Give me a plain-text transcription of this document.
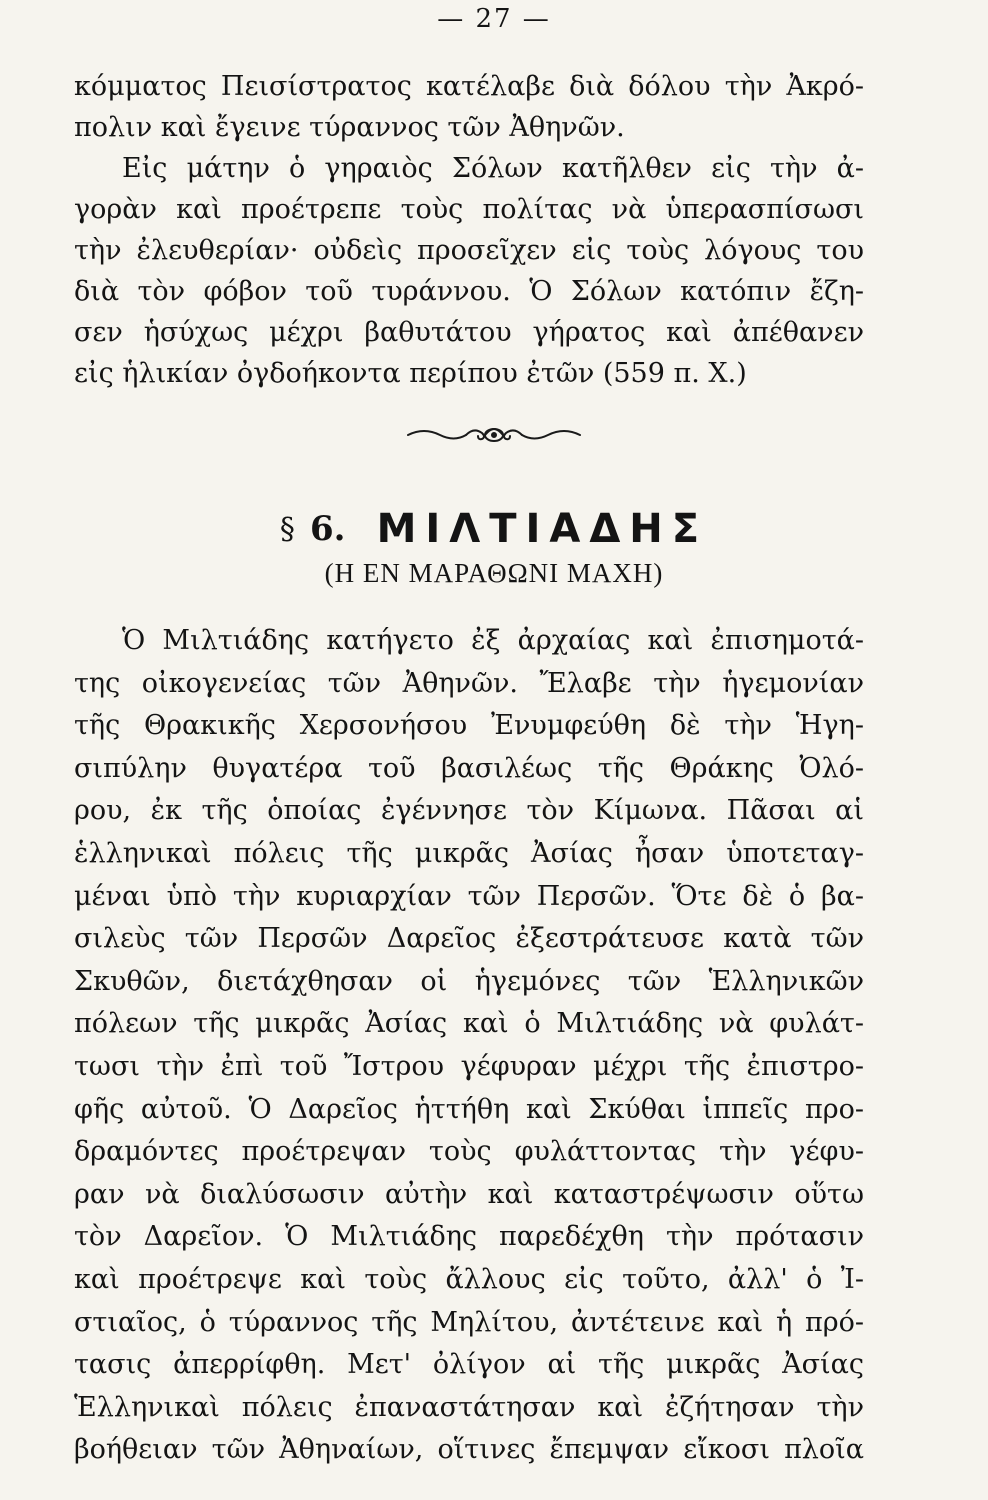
— 27 —
κόμματος Πεισίστρατος κατέλαβε διὰ δόλου τὴν Ἀκρό-
πολιν καὶ ἔγεινε τύραννος τῶν Ἀθηνῶν.
Εἰς μάτην ὁ γηραιὸς Σόλων κατῆλθεν εἰς τὴν ἀ-
γορὰν καὶ προέτρεπε τοὺς πολίτας νὰ ὑπερασπίσωσι
τὴν ἐλευθερίαν· οὐδεὶς προσεῖχεν εἰς τοὺς λόγους του
διὰ τὸν φόβον τοῦ τυράννου. Ὁ Σόλων κατόπιν ἔζη-
σεν ἡσύχως μέχρι βαθυτάτου γήρατος καὶ ἀπέθανεν
εἰς ἡλικίαν ὀγδοήκοντα περίπου ἐτῶν (559 π. Χ.)
§ 6. ΜΙΛΤΙΑΔΗΣ
(Η ΕΝ ΜΑΡΑΘΩΝΙ ΜΑΧΗ)
Ὁ Μιλτιάδης κατήγετο ἐξ ἀρχαίας καὶ ἐπισημοτά-
της οἰκογενείας τῶν Ἀθηνῶν. Ἔλαβε τὴν ἡγεμονίαν
τῆς Θρακικῆς Χερσονήσου Ἐνυμφεύθη δὲ τὴν Ἡγη-
σιπύλην θυγατέρα τοῦ βασιλέως τῆς Θράκης Ὀλό-
ρου, ἐκ τῆς ὁποίας ἐγέννησε τὸν Κίμωνα. Πᾶσαι αἱ
ἑλληνικαὶ πόλεις τῆς μικρᾶς Ἀσίας ἦσαν ὑποτεταγ-
μέναι ὑπὸ τὴν κυριαρχίαν τῶν Περσῶν. Ὅτε δὲ ὁ βα-
σιλεὺς τῶν Περσῶν Δαρεῖος ἐξεστράτευσε κατὰ τῶν
Σκυθῶν, διετάχθησαν οἱ ἡγεμόνες τῶν Ἑλληνικῶν
πόλεων τῆς μικρᾶς Ἀσίας καὶ ὁ Μιλτιάδης νὰ φυλάτ-
τωσι τὴν ἐπὶ τοῦ Ἴστρου γέφυραν μέχρι τῆς ἐπιστρο-
φῆς αὐτοῦ. Ὁ Δαρεῖος ἡττήθη καὶ Σκύθαι ἱππεῖς προ-
δραμόντες προέτρεψαν τοὺς φυλάττοντας τὴν γέφυ-
ραν νὰ διαλύσωσιν αὐτὴν καὶ καταστρέψωσιν οὕτω
τὸν Δαρεῖον. Ὁ Μιλτιάδης παρεδέχθη τὴν πρότασιν
καὶ προέτρεψε καὶ τοὺς ἄλλους εἰς τοῦτο, ἀλλ' ὁ Ἰ-
στιαῖος, ὁ τύραννος τῆς Μηλίτου, ἀντέτεινε καὶ ἡ πρό-
τασις ἀπερρίφθη. Μετ' ὀλίγον αἱ τῆς μικρᾶς Ἀσίας
Ἑλληνικαὶ πόλεις ἐπαναστάτησαν καὶ ἐζήτησαν τὴν
βοήθειαν τῶν Ἀθηναίων, οἵτινες ἔπεμψαν εἴκοσι πλοῖα
